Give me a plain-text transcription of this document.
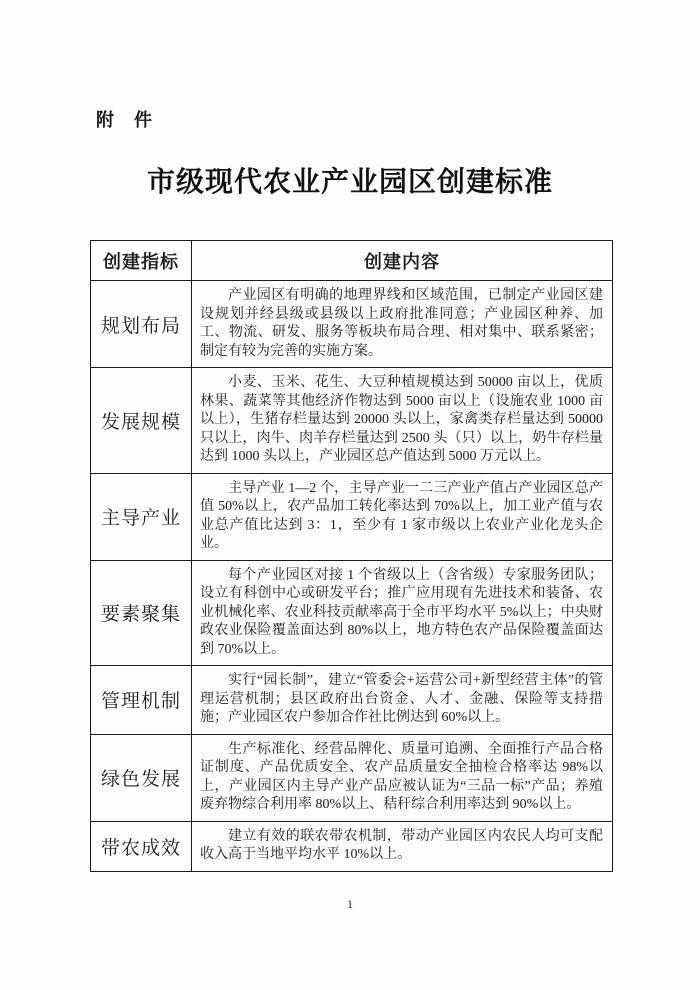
附　件
市级现代农业产业园区创建标准
创建指标	创建内容
规划布局	产业园区有明确的地理界线和区域范围，已制定产业园区建设规划并经县级或县级以上政府批准同意；产业园区种养、加工、物流、研发、服务等板块布局合理、相对集中、联系紧密；制定有较为完善的实施方案。

发展规模	小麦、玉米、花生、大豆种植规模达到 50000 亩以上，优质林果、蔬菜等其他经济作物达到 5000 亩以上（设施农业 1000 亩以上），生猪存栏量达到 20000 头以上，家禽类存栏量达到 50000 只以上，肉牛、肉羊存栏量达到 2500 头（只）以上，奶牛存栏量达到 1000 头以上，产业园区总产值达到 5000 万元以上。

主导产业	主导产业 1—2 个，主导产业一二三产业产值占产业园区总产值 50%以上，农产品加工转化率达到 70%以上，加工业产值与农业总产值比达到 3：1，至少有 1 家市级以上农业产业化龙头企业。

要素聚集	每个产业园区对接 1 个省级以上（含省级）专家服务团队；设立有科创中心或研发平台；推广应用现有先进技术和装备、农业机械化率、农业科技贡献率高于全市平均水平 5%以上；中央财政农业保险覆盖面达到 80%以上，地方特色农产品保险覆盖面达到 70%以上。

管理机制	实行“园长制”，建立“管委会+运营公司+新型经营主体”的管理运营机制；县区政府出台资金、人才、金融、保险等支持措施；产业园区农户参加合作社比例达到 60%以上。

绿色发展	生产标准化、经营品牌化、质量可追溯、全面推行产品合格证制度、产品优质安全、农产品质量安全抽检合格率达 98%以上，产业园区内主导产业产品应被认证为“三品一标”产品；养殖废弃物综合利用率 80%以上、秸秆综合利用率达到 90%以上。

带农成效	建立有效的联农带农机制，带动产业园区内农民人均可支配收入高于当地平均水平 10%以上。

1
